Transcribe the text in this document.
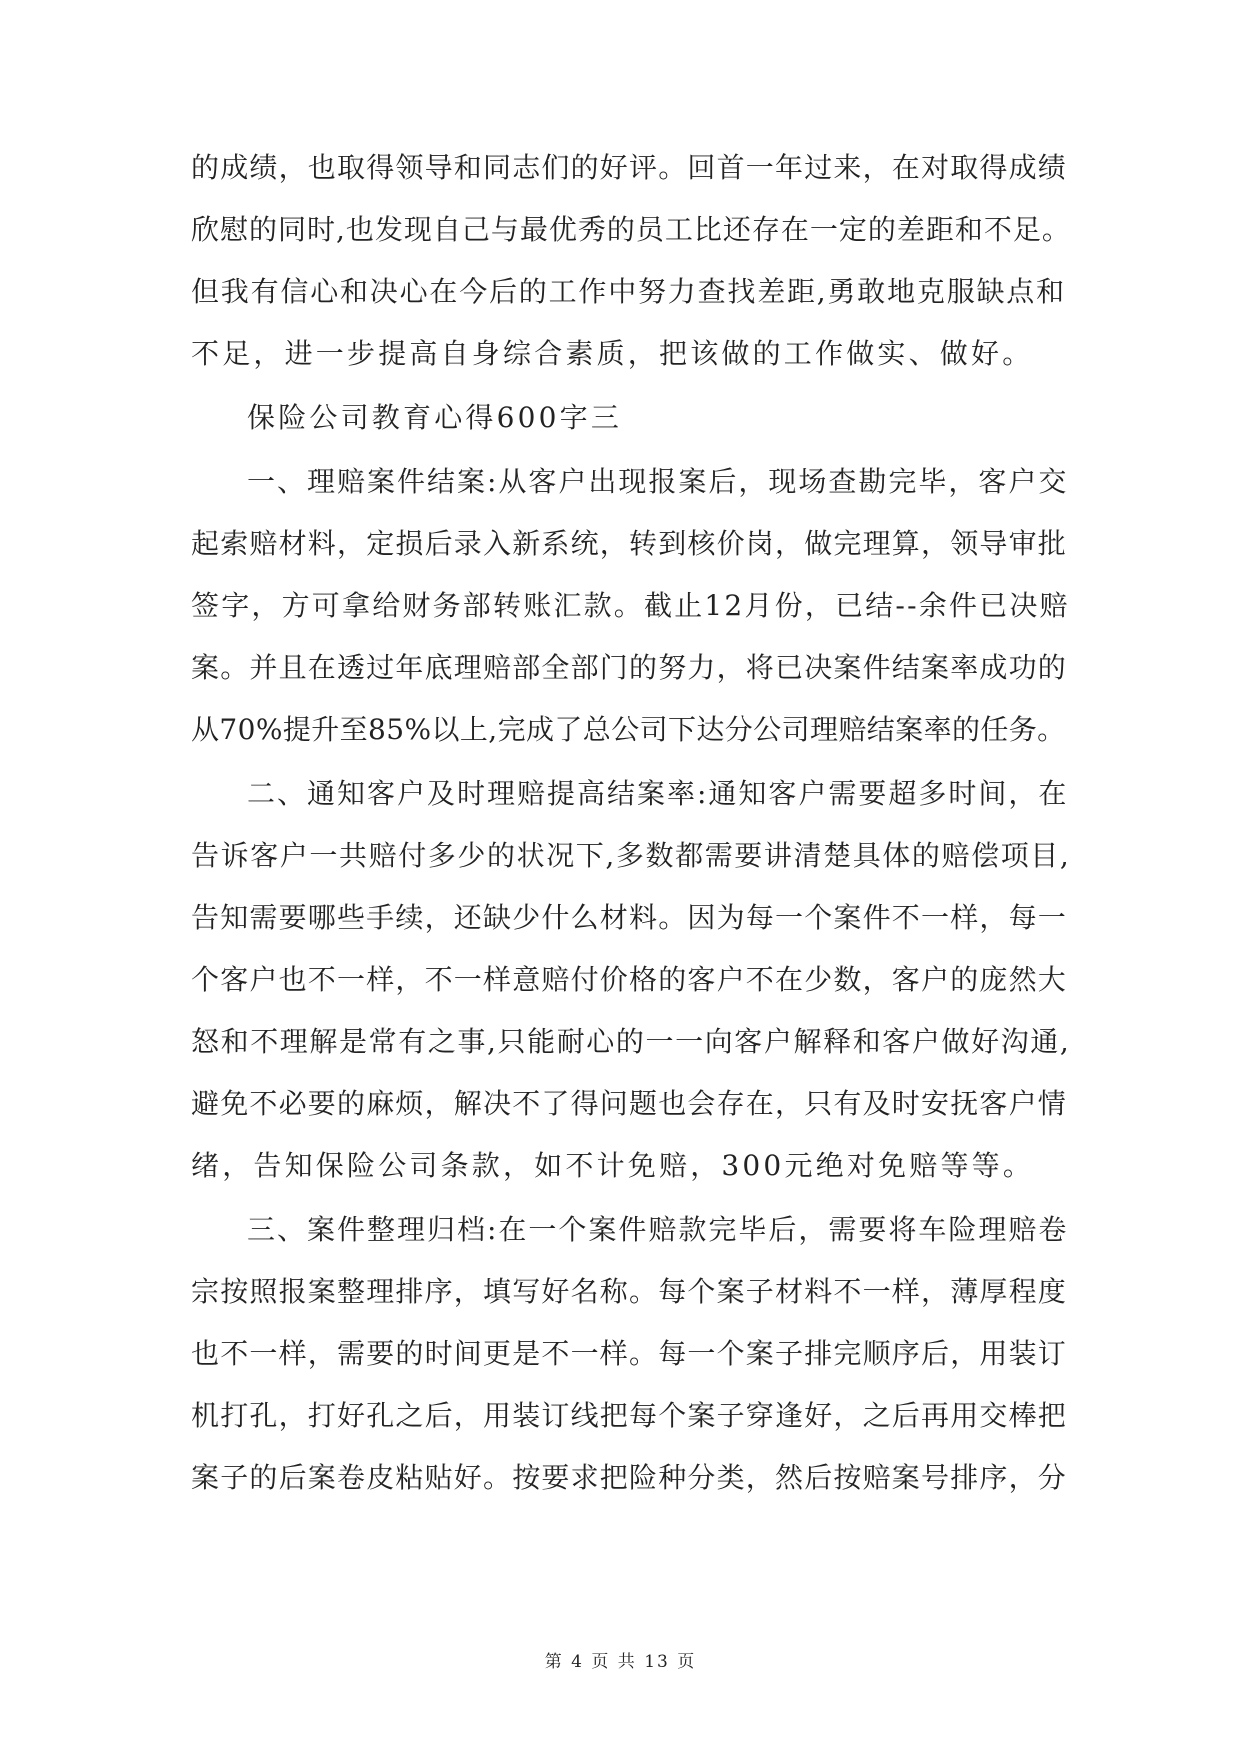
的成绩，也取得领导和同志们的好评。回首一年过来，在对取得成绩
欣慰的同时,也发现自己与最优秀的员工比还存在一定的差距和不足。
但我有信心和决心在今后的工作中努力查找差距,勇敢地克服缺点和
不足，进一步提高自身综合素质，把该做的工作做实、做好。
保险公司教育心得600字三
一、理赔案件结案:从客户出现报案后，现场查勘完毕，客户交
起索赔材料，定损后录入新系统，转到核价岗，做完理算，领导审批
签字，方可拿给财务部转账汇款。截止12月份，已结--余件已决赔
案。并且在透过年底理赔部全部门的努力，将已决案件结案率成功的
从70%提升至85%以上,完成了总公司下达分公司理赔结案率的任务。
二、通知客户及时理赔提高结案率:通知客户需要超多时间，在
告诉客户一共赔付多少的状况下,多数都需要讲清楚具体的赔偿项目,
告知需要哪些手续，还缺少什么材料。因为每一个案件不一样，每一
个客户也不一样，不一样意赔付价格的客户不在少数，客户的庞然大
怒和不理解是常有之事,只能耐心的一一向客户解释和客户做好沟通,
避免不必要的麻烦，解决不了得问题也会存在，只有及时安抚客户情
绪，告知保险公司条款，如不计免赔，300元绝对免赔等等。
三、案件整理归档:在一个案件赔款完毕后，需要将车险理赔卷
宗按照报案整理排序，填写好名称。每个案子材料不一样，薄厚程度
也不一样，需要的时间更是不一样。每一个案子排完顺序后，用装订
机打孔，打好孔之后，用装订线把每个案子穿逢好，之后再用交棒把
案子的后案卷皮粘贴好。按要求把险种分类，然后按赔案号排序，分
第 4 页 共 13 页
